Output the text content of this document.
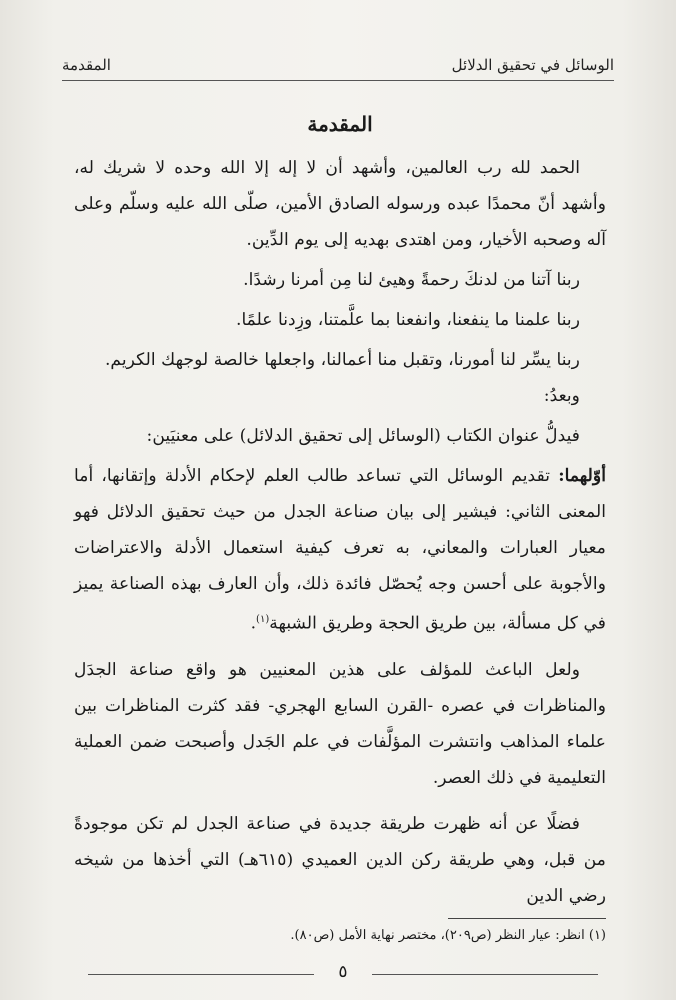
الوسائل في تحقيق الدلائل
المقدمة
المقدمة

الحمد لله رب العالمين، وأشهد أن لا إله إلا الله وحده لا شريك له، وأشهد أنّ محمدًا عبده ورسوله الصادق الأمين، صلّى الله عليه وسلّم وعلى آله وصحبه الأخيار، ومن اهتدى بهديه إلى يوم الدِّين.

ربنا آتنا من لدنكَ رحمةً وهيئ لنا مِن أمرنا رشدًا.

ربنا علمنا ما ينفعنا، وانفعنا بما علَّمتنا، وزِدنا علمًا.

ربنا يسِّر لنا أمورنا، وتقبل منا أعمالنا، واجعلها خالصة لوجهك الكريم.

وبعدُ:

فيدلُّ عنوان الكتاب (الوسائل إلى تحقيق الدلائل) على معنيَين:

أوّلهما: تقديم الوسائل التي تساعد طالب العلم لإحكام الأدلة وإتقانها، أما المعنى الثاني: فيشير إلى بيان صناعة الجدل من حيث تحقيق الدلائل فهو معيار العبارات والمعاني، به تعرف كيفية استعمال الأدلة والاعتراضات والأجوبة على أحسن وجه يُحصّل فائدة ذلك، وأن العارف بهذه الصناعة يميز في كل مسألة، بين طريق الحجة وطريق الشبهة$^{(١)}$.

ولعل الباعث للمؤلف على هذين المعنيين هو واقع صناعة الجدَل والمناظرات في عصره -القرن السابع الهجري- فقد كثرت المناظرات بين علماء المذاهب وانتشرت المؤلَّفات في علم الجَدل وأصبحت ضمن العملية التعليمية في ذلك العصر.

فضلًا عن أنه ظهرت طريقة جديدة في صناعة الجدل لم تكن موجودةً من قبل، وهي طريقة ركن الدين العميدي (٦١٥هـ) التي أخذها من شيخه رضي الدين

(١) انظر: عيار النظر (ص٢٠٩)، مختصر نهاية الأمل (ص٨٠).
٥
